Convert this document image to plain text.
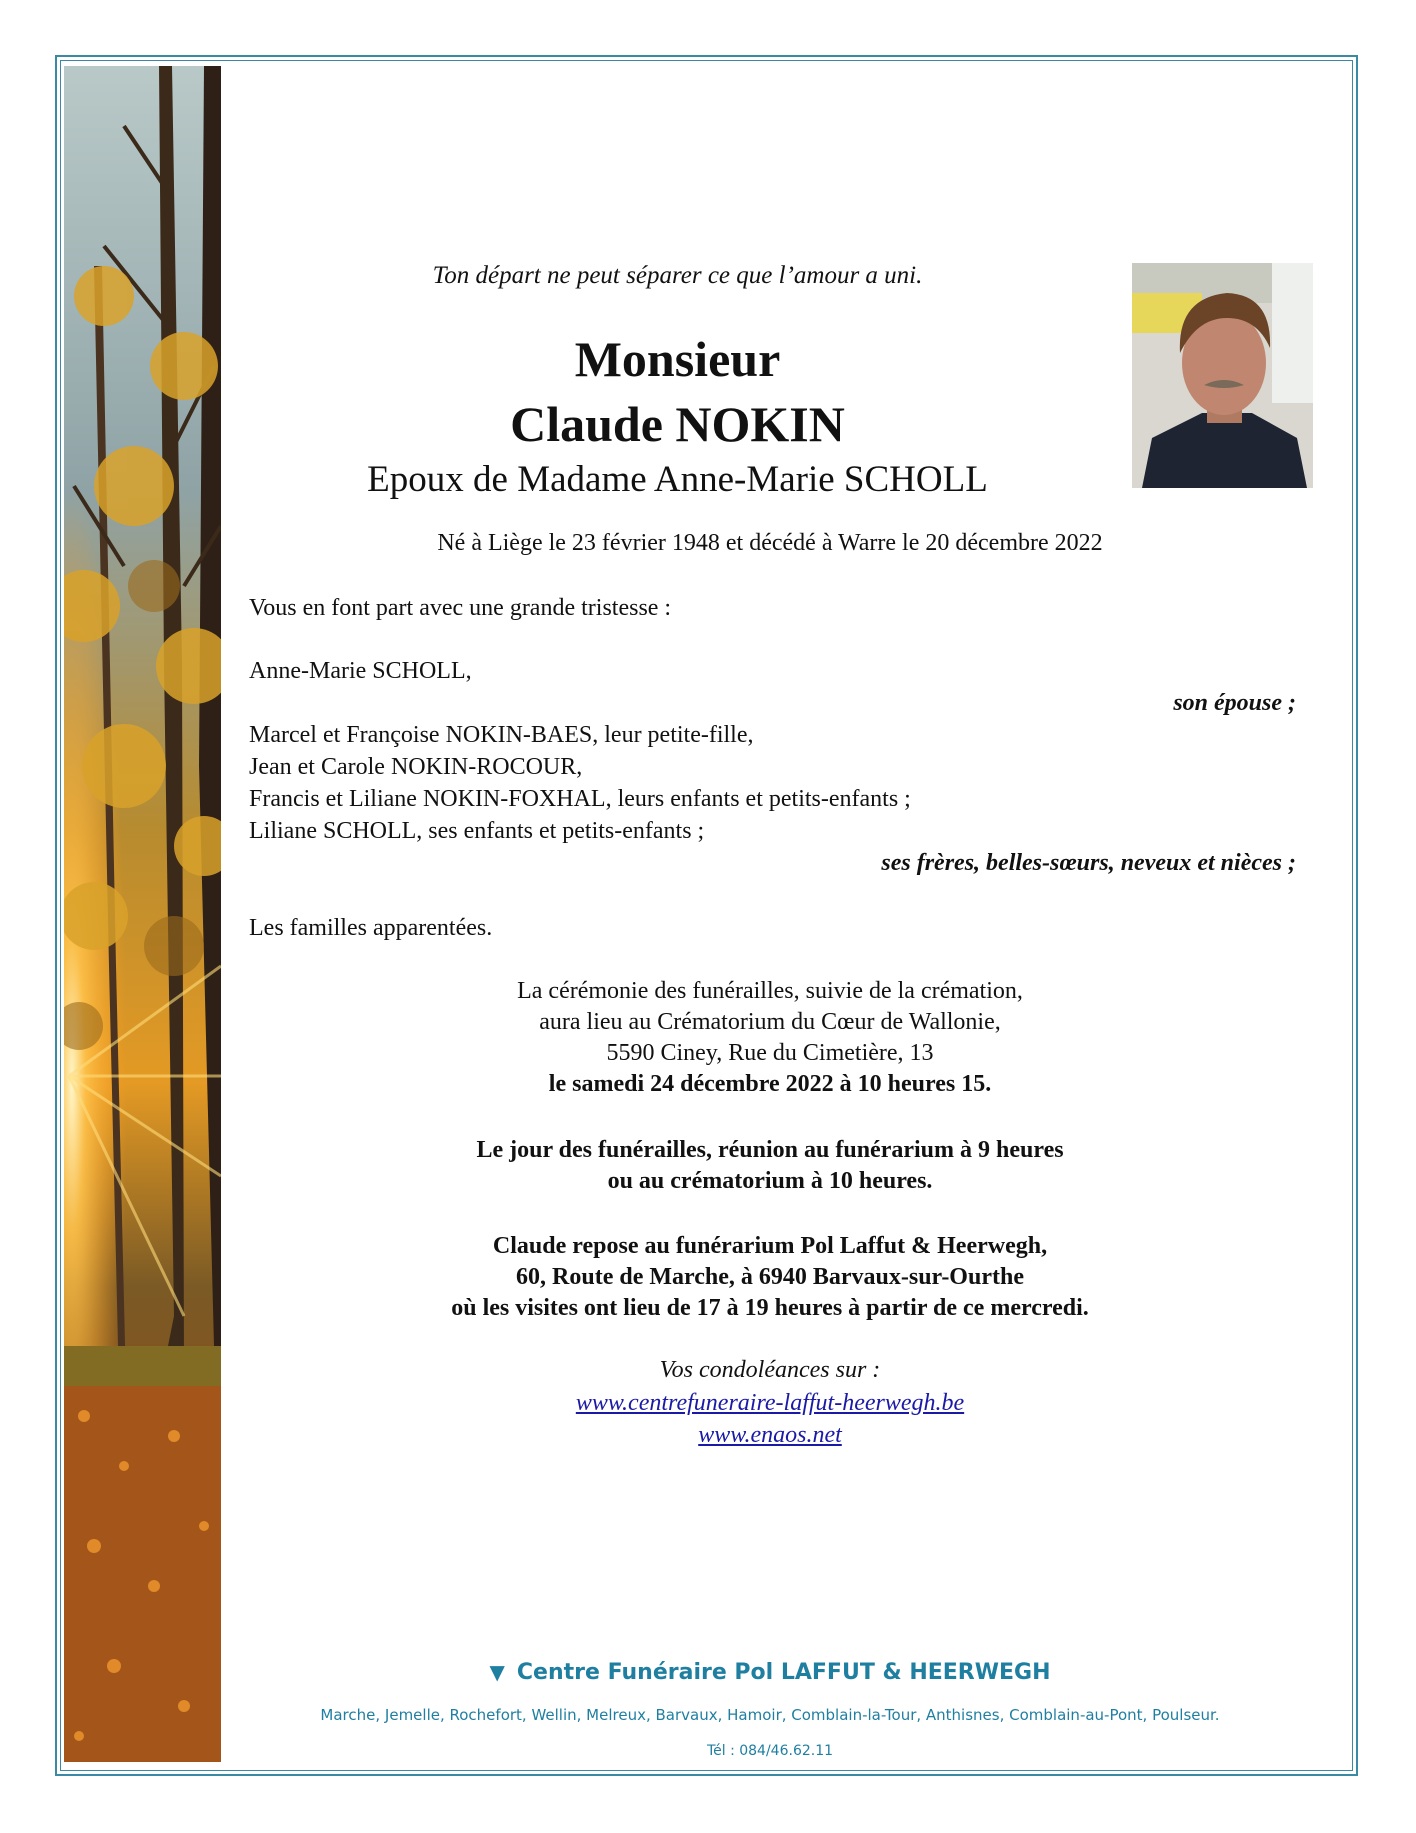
Ton départ ne peut séparer ce que l’amour a uni.

Monsieur

Claude NOKIN

Epoux de Madame Anne-Marie SCHOLL

Né à Liège le 23 février 1948 et décédé à Warre le 20 décembre 2022

Vous en font part avec une grande tristesse :

Anne-Marie SCHOLL,

son épouse ;

Marcel et Françoise NOKIN-BAES, leur petite-fille,

Jean et Carole NOKIN-ROCOUR,

Francis et Liliane NOKIN-FOXHAL, leurs enfants et petits-enfants ;

Liliane SCHOLL, ses enfants et petits-enfants ;

ses frères, belles-sœurs, neveux et nièces ;

Les familles apparentées.

La cérémonie des funérailles, suivie de la crémation,

aura lieu au Crématorium du Cœur de Wallonie,

5590 Ciney, Rue du Cimetière, 13

le samedi 24 décembre 2022 à 10 heures 15.

Le jour des funérailles, réunion au funérarium à 9 heures

ou au crématorium à 10 heures.

Claude repose au funérarium Pol Laffut & Heerwegh,

60, Route de Marche, à 6940 Barvaux-sur-Ourthe

où les visites ont lieu de 17 à 19 heures à partir de ce mercredi.

Vos condoléances sur :

www.centrefuneraire-laffut-heerwegh.be

www.enaos.net

▼ Centre Funéraire Pol LAFFUT & HEERWEGH

Marche, Jemelle, Rochefort, Wellin, Melreux, Barvaux, Hamoir, Comblain-la-Tour, Anthisnes, Comblain-au-Pont, Poulseur.

Tél : 084/46.62.11
